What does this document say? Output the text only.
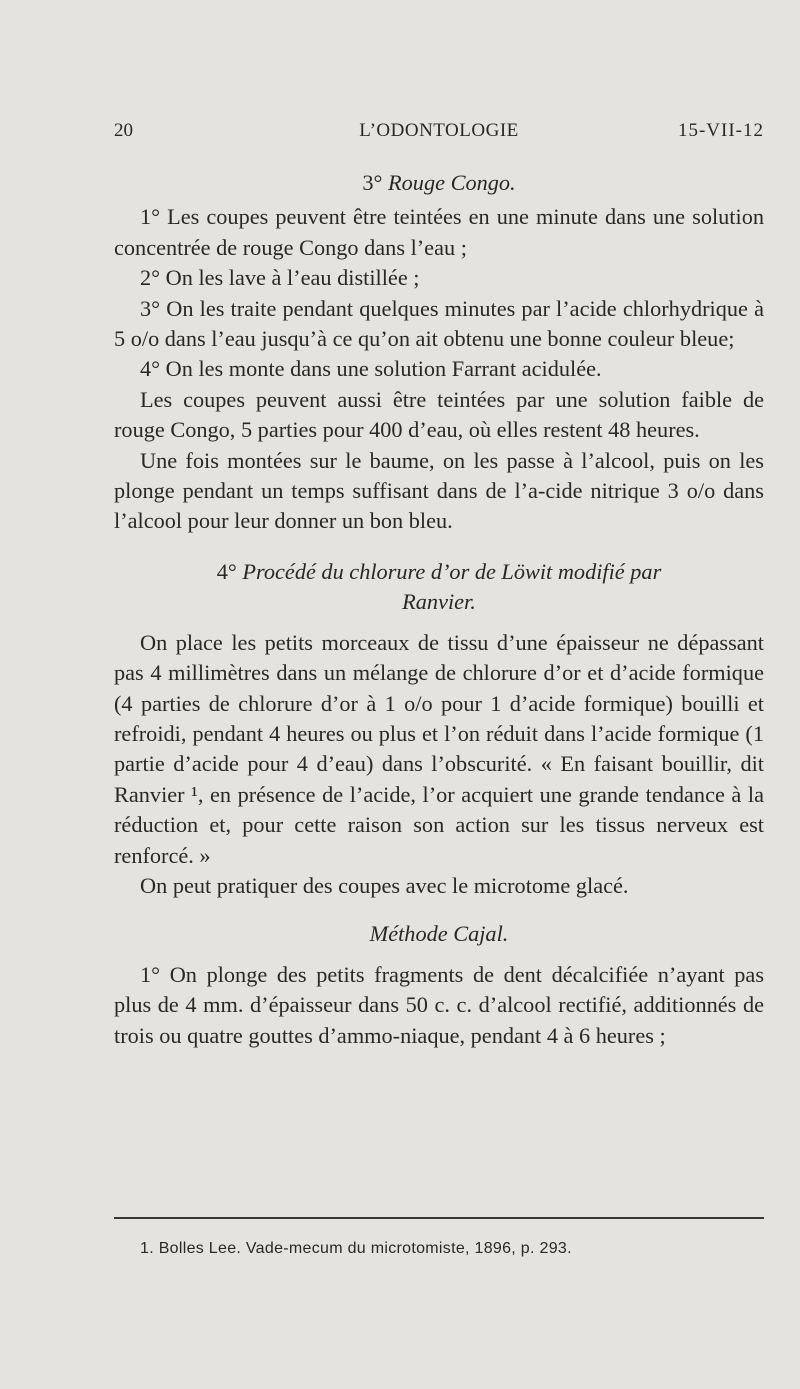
20	L’ODONTOLOGIE	15-VII-12
3° Rouge Congo.

1° Les coupes peuvent être teintées en une minute dans une solution concentrée de rouge Congo dans l’eau ;

2° On les lave à l’eau distillée ;

3° On les traite pendant quelques minutes par l’acide chlorhydrique à 5 o/o dans l’eau jusqu’à ce qu’on ait obtenu une bonne couleur bleue;

4° On les monte dans une solution Farrant acidulée.

Les coupes peuvent aussi être teintées par une solution faible de rouge Congo, 5 parties pour 400 d’eau, où elles restent 48 heures.

Une fois montées sur le baume, on les passe à l’alcool, puis on les plonge pendant un temps suffisant dans de l’a-cide nitrique 3 o/o dans l’alcool pour leur donner un bon bleu.

4° Procédé du chlorure d’or de Löwit modifié par
Ranvier.

On place les petits morceaux de tissu d’une épaisseur ne dépassant pas 4 millimètres dans un mélange de chlorure d’or et d’acide formique (4 parties de chlorure d’or à 1 o/o pour 1 d’acide formique) bouilli et refroidi, pendant 4 heures ou plus et l’on réduit dans l’acide formique (1 partie d’acide pour 4 d’eau) dans l’obscurité. « En faisant bouillir, dit Ranvier ¹, en présence de l’acide, l’or acquiert une grande tendance à la réduction et, pour cette raison son action sur les tissus nerveux est renforcé. »

On peut pratiquer des coupes avec le microtome glacé.

Méthode Cajal.

1° On plonge des petits fragments de dent décalcifiée n’ayant pas plus de 4 mm. d’épaisseur dans 50 c. c. d’alcool rectifié, additionnés de trois ou quatre gouttes d’ammo-niaque, pendant 4 à 6 heures ;

1. Bolles Lee. Vade-mecum du microtomiste, 1896, p. 293.
